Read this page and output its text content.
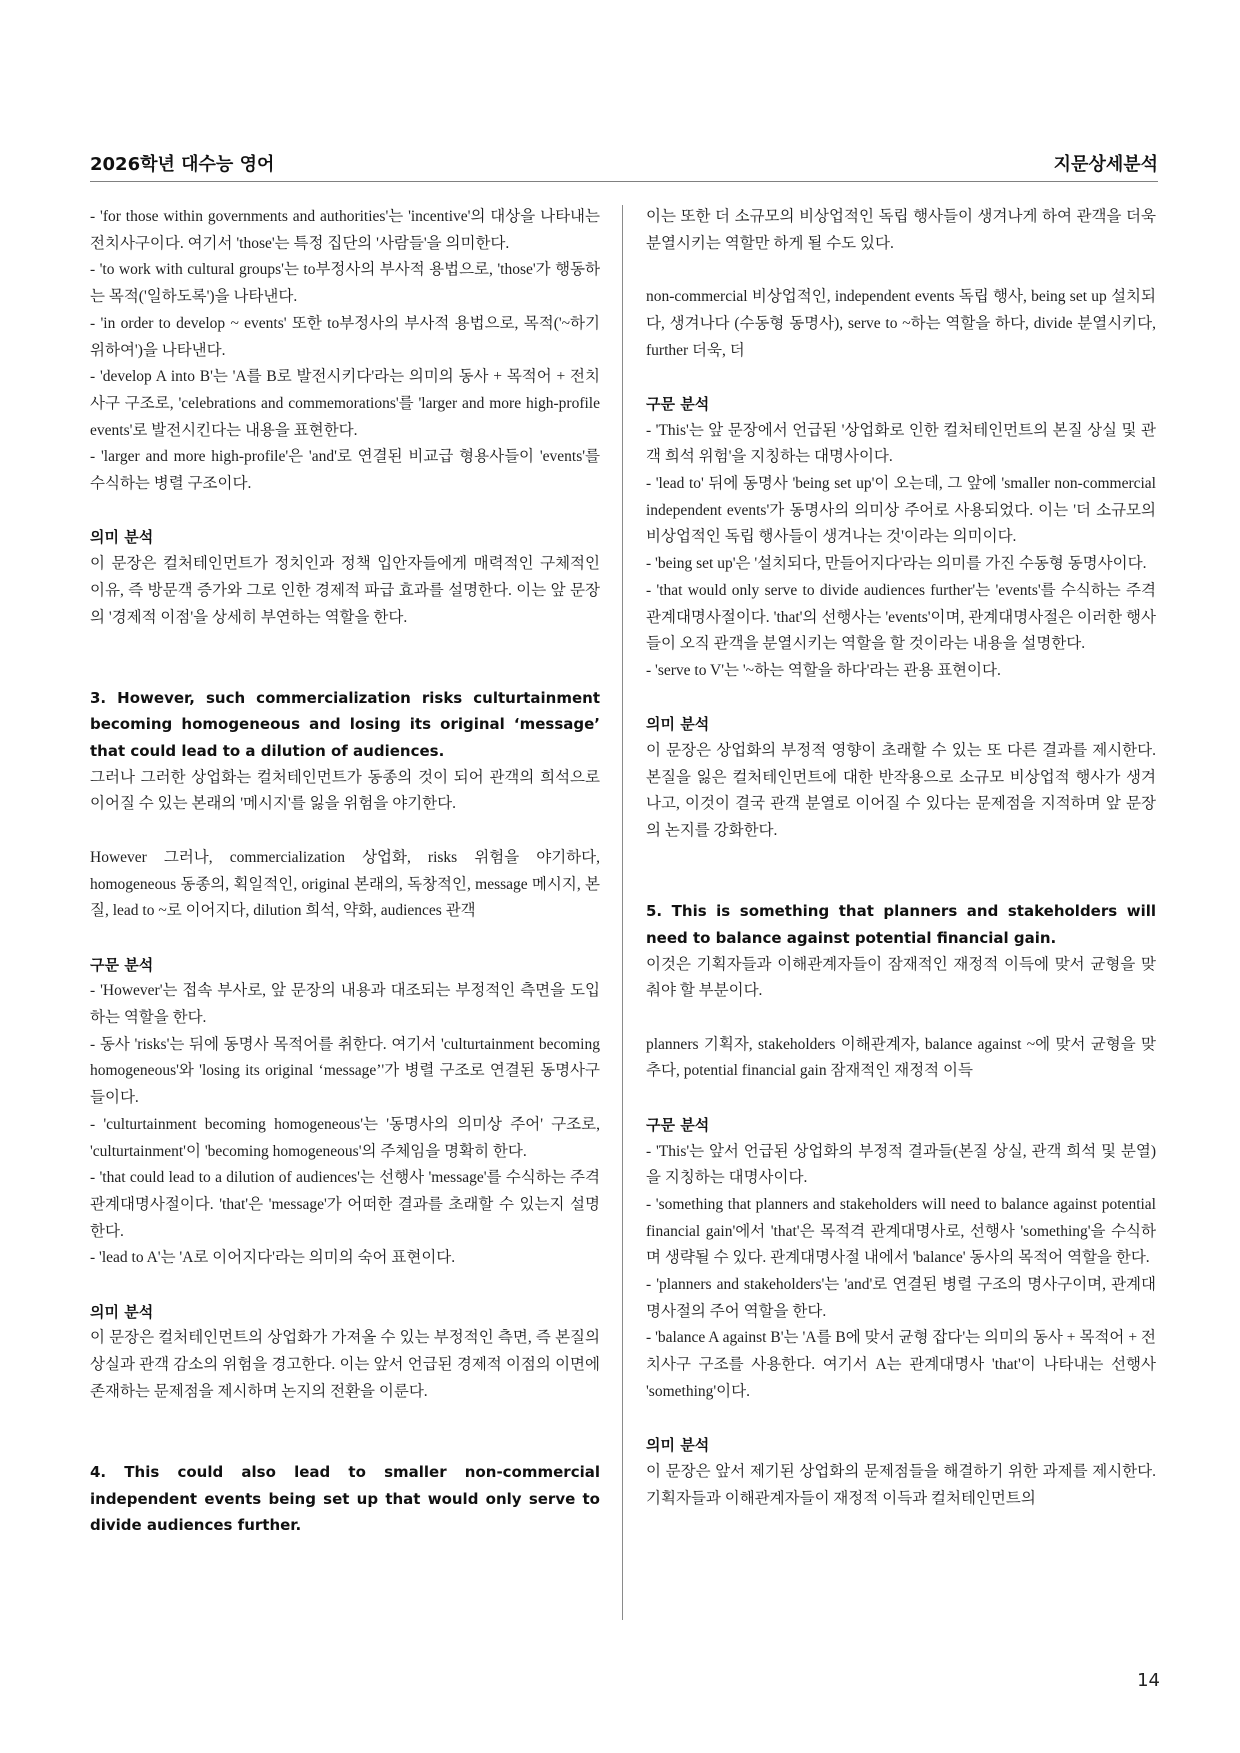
2026학년 대수능 영어	지문상세분석

- 'for those within governments and authorities'는 'incentive'의 대상을 나타내는 전치사구이다. 여기서 'those'는 특정 집단의 '사람들'을 의미한다.

- 'to work with cultural groups'는 to부정사의 부사적 용법으로, 'those'가 행동하는 목적('일하도록')을 나타낸다.

- 'in order to develop ~ events' 또한 to부정사의 부사적 용법으로, 목적('~하기 위하여')을 나타낸다.

- 'develop A into B'는 'A를 B로 발전시키다'라는 의미의 동사 + 목적어 + 전치사구 구조로, 'celebrations and commemorations'를 'larger and more high-profile events'로 발전시킨다는 내용을 표현한다.

- 'larger and more high-profile'은 'and'로 연결된 비교급 형용사들이 'events'를 수식하는 병렬 구조이다.

의미 분석

이 문장은 컬처테인먼트가 정치인과 정책 입안자들에게 매력적인 구체적인 이유, 즉 방문객 증가와 그로 인한 경제적 파급 효과를 설명한다. 이는 앞 문장의 '경제적 이점'을 상세히 부연하는 역할을 한다.

3. However, such commercialization risks culturtainment becoming homogeneous and losing its original ‘message’ that could lead to a dilution of audiences.

그러나 그러한 상업화는 컬처테인먼트가 동종의 것이 되어 관객의 희석으로 이어질 수 있는 본래의 '메시지'를 잃을 위험을 야기한다.

However 그러나, commercialization 상업화, risks 위험을 야기하다, homogeneous 동종의, 획일적인, original 본래의, 독창적인, message 메시지, 본질, lead to ~로 이어지다, dilution 희석, 약화, audiences 관객

구문 분석

- 'However'는 접속 부사로, 앞 문장의 내용과 대조되는 부정적인 측면을 도입하는 역할을 한다.

- 동사 'risks'는 뒤에 동명사 목적어를 취한다. 여기서 'culturtainment becoming homogeneous'와 'losing its original ‘message’'가 병렬 구조로 연결된 동명사구들이다.

- 'culturtainment becoming homogeneous'는 '동명사의 의미상 주어' 구조로, 'culturtainment'이 'becoming homogeneous'의 주체임을 명확히 한다.

- 'that could lead to a dilution of audiences'는 선행사 'message'를 수식하는 주격 관계대명사절이다. 'that'은 'message'가 어떠한 결과를 초래할 수 있는지 설명한다.

- 'lead to A'는 'A로 이어지다'라는 의미의 숙어 표현이다.

의미 분석

이 문장은 컬처테인먼트의 상업화가 가져올 수 있는 부정적인 측면, 즉 본질의 상실과 관객 감소의 위험을 경고한다. 이는 앞서 언급된 경제적 이점의 이면에 존재하는 문제점을 제시하며 논지의 전환을 이룬다.

4. This could also lead to smaller non-commercial independent events being set up that would only serve to divide audiences further.

이는 또한 더 소규모의 비상업적인 독립 행사들이 생겨나게 하여 관객을 더욱 분열시키는 역할만 하게 될 수도 있다.

non-commercial 비상업적인, independent events 독립 행사, being set up 설치되다, 생겨나다 (수동형 동명사), serve to ~하는 역할을 하다, divide 분열시키다, further 더욱, 더

구문 분석

- 'This'는 앞 문장에서 언급된 '상업화로 인한 컬처테인먼트의 본질 상실 및 관객 희석 위험'을 지칭하는 대명사이다.

- 'lead to' 뒤에 동명사 'being set up'이 오는데, 그 앞에 'smaller non-commercial independent events'가 동명사의 의미상 주어로 사용되었다. 이는 '더 소규모의 비상업적인 독립 행사들이 생겨나는 것'이라는 의미이다.

- 'being set up'은 '설치되다, 만들어지다'라는 의미를 가진 수동형 동명사이다.

- 'that would only serve to divide audiences further'는 'events'를 수식하는 주격 관계대명사절이다. 'that'의 선행사는 'events'이며, 관계대명사절은 이러한 행사들이 오직 관객을 분열시키는 역할을 할 것이라는 내용을 설명한다.

- 'serve to V'는 '~하는 역할을 하다'라는 관용 표현이다.

의미 분석

이 문장은 상업화의 부정적 영향이 초래할 수 있는 또 다른 결과를 제시한다. 본질을 잃은 컬처테인먼트에 대한 반작용으로 소규모 비상업적 행사가 생겨나고, 이것이 결국 관객 분열로 이어질 수 있다는 문제점을 지적하며 앞 문장의 논지를 강화한다.

5. This is something that planners and stakeholders will need to balance against potential financial gain.

이것은 기획자들과 이해관계자들이 잠재적인 재정적 이득에 맞서 균형을 맞춰야 할 부분이다.

planners 기획자, stakeholders 이해관계자, balance against ~에 맞서 균형을 맞추다, potential financial gain 잠재적인 재정적 이득

구문 분석

- 'This'는 앞서 언급된 상업화의 부정적 결과들(본질 상실, 관객 희석 및 분열)을 지칭하는 대명사이다.

- 'something that planners and stakeholders will need to balance against potential financial gain'에서 'that'은 목적격 관계대명사로, 선행사 'something'을 수식하며 생략될 수 있다. 관계대명사절 내에서 'balance' 동사의 목적어 역할을 한다.

- 'planners and stakeholders'는 'and'로 연결된 병렬 구조의 명사구이며, 관계대명사절의 주어 역할을 한다.

- 'balance A against B'는 'A를 B에 맞서 균형 잡다'는 의미의 동사 + 목적어 + 전치사구 구조를 사용한다. 여기서 A는 관계대명사 'that'이 나타내는 선행사 'something'이다.

의미 분석

이 문장은 앞서 제기된 상업화의 문제점들을 해결하기 위한 과제를 제시한다. 기획자들과 이해관계자들이 재정적 이득과 컬처테인먼트의

14
